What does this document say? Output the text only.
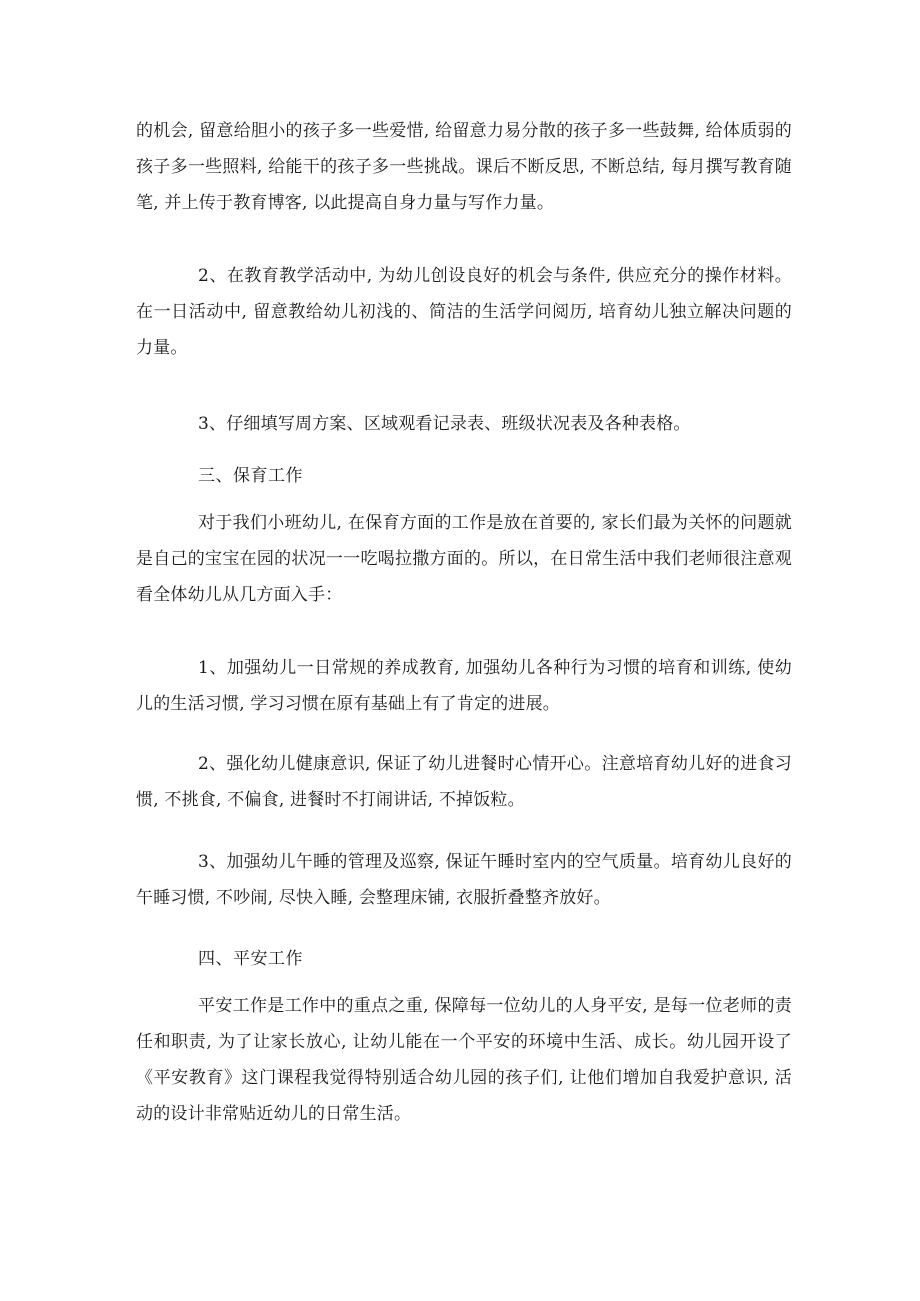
的机会, 留意给胆小的孩子多一些爱惜, 给留意力易分散的孩子多一些鼓舞, 给体质弱的孩子多一些照料, 给能干的孩子多一些挑战。课后不断反思, 不断总结, 每月撰写教育随笔, 并上传于教育博客, 以此提高自身力量与写作力量。

2、在教育教学活动中, 为幼儿创设良好的机会与条件, 供应充分的操作材料。在一日活动中, 留意教给幼儿初浅的、简洁的生活学问阅历, 培育幼儿独立解决问题的力量。

3、仔细填写周方案、区域观看记录表、班级状况表及各种表格。

三、保育工作

对于我们小班幼儿, 在保育方面的工作是放在首要的, 家长们最为关怀的问题就是自己的宝宝在园的状况一一吃喝拉撒方面的。所以，在日常生活中我们老师很注意观看全体幼儿从几方面入手：

1、加强幼儿一日常规的养成教育, 加强幼儿各种行为习惯的培育和训练, 使幼儿的生活习惯, 学习习惯在原有基础上有了肯定的进展。

2、强化幼儿健康意识, 保证了幼儿进餐时心情开心。注意培育幼儿好的进食习惯, 不挑食, 不偏食, 进餐时不打闹讲话, 不掉饭粒。

3、加强幼儿午睡的管理及巡察, 保证午睡时室内的空气质量。培育幼儿良好的午睡习惯, 不吵闹, 尽快入睡, 会整理床铺, 衣服折叠整齐放好。

四、平安工作

平安工作是工作中的重点之重, 保障每一位幼儿的人身平安, 是每一位老师的责任和职责, 为了让家长放心, 让幼儿能在一个平安的环境中生活、成长。幼儿园开设了《平安教育》这门课程我觉得特别适合幼儿园的孩子们, 让他们增加自我爱护意识, 活动的设计非常贴近幼儿的日常生活。
